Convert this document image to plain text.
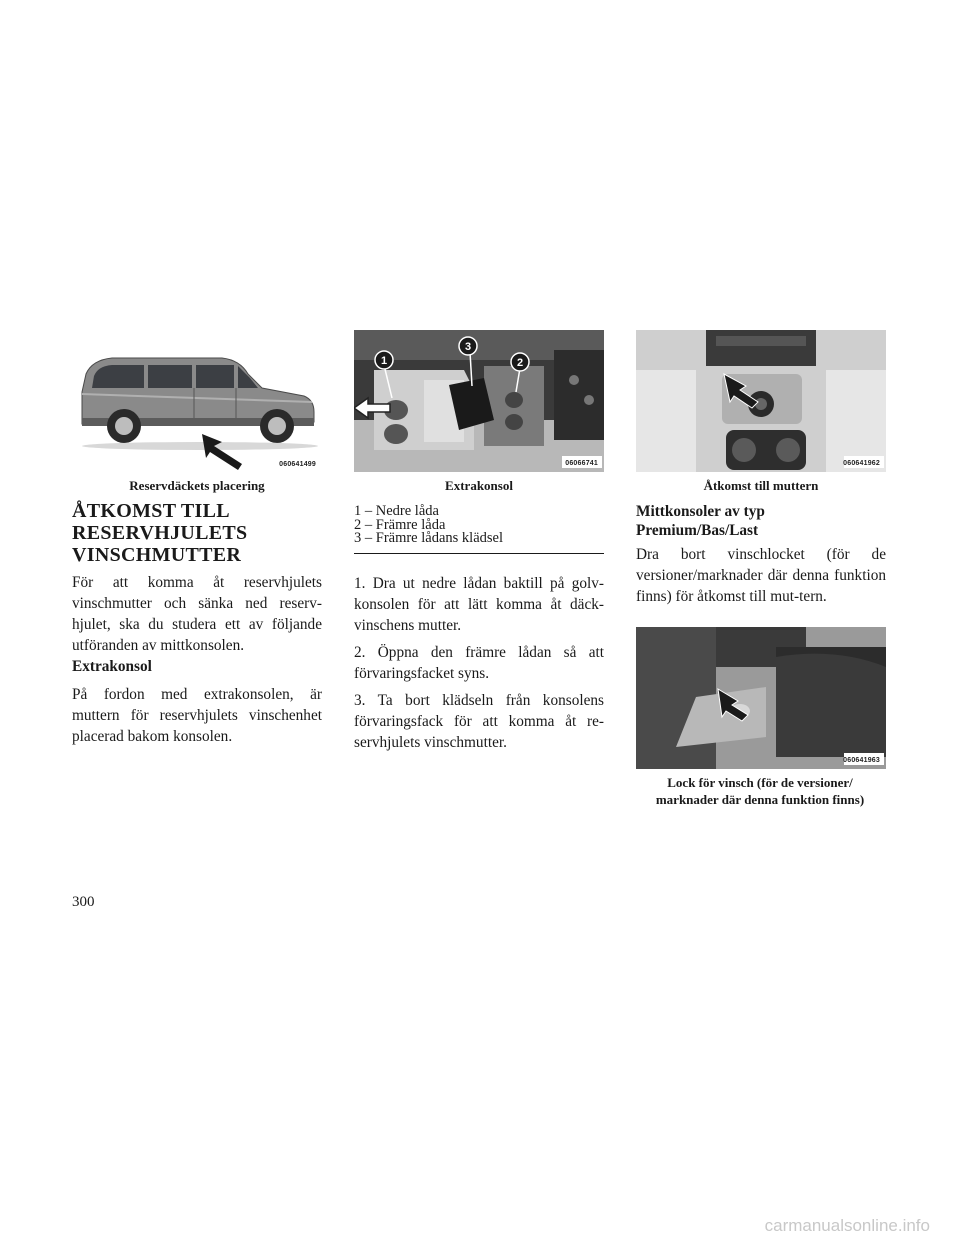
060641499
Reservdäckets placering
1
3
2
06066741
Extrakonsol
060641962
Åtkomst till muttern
ÅTKOMST TILL
RESERVHJULETS
VINSCHMUTTER

För att komma åt reservhjulets vinschmutter och sänka ned reserv-hjulet, ska du studera ett av följande utföranden av mittkonsolen.

Extrakonsol

På fordon med extrakonsolen, är muttern för reservhjulets vinschenhet placerad bakom konsolen.

1 – Nedre låda
2 – Främre låda
3 – Främre lådans klädsel

1. Dra ut nedre lådan baktill på golv-konsolen för att lätt komma åt däck-vinschens mutter.

2. Öppna den främre lådan så att förvaringsfacket syns.

3. Ta bort klädseln från konsolens förvaringsfack för att komma åt re-servhjulets vinschmutter.

Mittkonsoler av typ
Premium/Bas/Last

Dra bort vinschlocket (för de versioner/marknader där denna funktion finns) för åtkomst till mut-tern.

060641963
Lock för vinsch (för de versioner/
marknader där denna funktion finns)
300
carmanualsonline.info
